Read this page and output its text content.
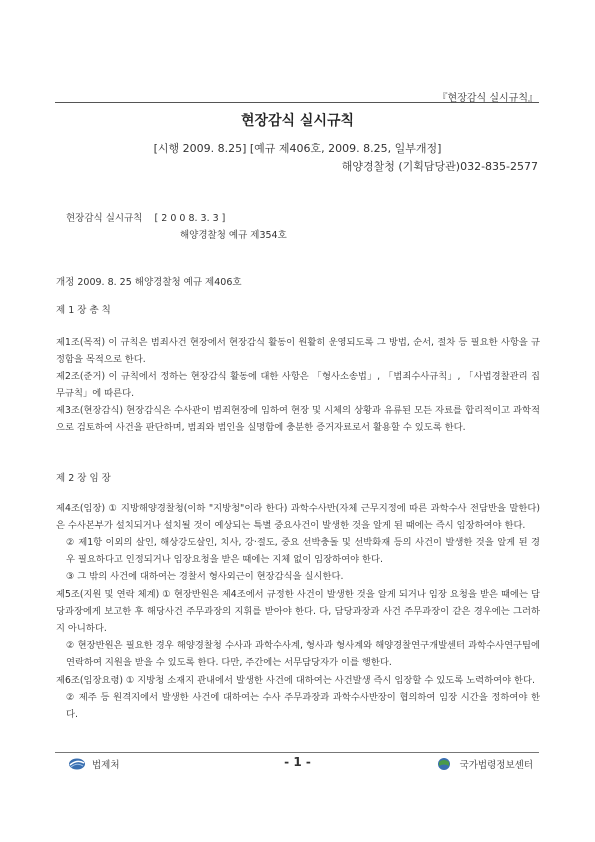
『현장감식 실시규칙』
현장감식 실시규칙
[시행 2009. 8.25] [예규 제406호, 2009. 8.25, 일부개정]
해양경찰청 (기획담당관)032-835-2577
현장감식 실시규칙 [ 2 0 0 8. 3. 3 ]
해양경찰청 예규 제354호
개정 2009. 8. 25 해양경찰청 예규 제406호
제 1 장 총 칙

제1조(목적) 이 규칙은 범죄사건 현장에서 현장감식 활동이 원활히 운영되도록 그 방법, 순서, 절차 등 필요한 사항을 규정함을 목적으로 한다.

제2조(준거) 이 규칙에서 정하는 현장감식 활동에 대한 사항은 「형사소송법」, 「범죄수사규칙」, 「사법경찰관리 집무규칙」에 따른다.

제3조(현장감식) 현장감식은 수사관이 범죄현장에 임하여 현장 및 시체의 상황과 유류된 모든 자료를 합리적이고 과학적으로 검토하여 사건을 판단하며, 범죄와 범인을 실명함에 충분한 증거자료로서 활용할 수 있도록 한다.

제 2 장 임 장

제4조(임장) ① 지방해양경찰청(이하 "지방청"이라 한다) 과학수사반(자체 근무지정에 따른 과학수사 전담반을 말한다)은 수사본부가 설치되거나 설치될 것이 예상되는 특별 중요사건이 발생한 것을 알게 된 때에는 즉시 임장하여야 한다.

② 제1항 이외의 살인, 해상강도살인, 치사, 강·절도, 중요 선박충돌 및 선박화재 등의 사건이 발생한 것을 알게 된 경우 필요하다고 인정되거나 임장요청을 받은 때에는 지체 없이 임장하여야 한다.

③ 그 밖의 사건에 대하여는 경찰서 형사외근이 현장감식을 실시한다.

제5조(지원 및 연락 체계) ① 현장반원은 제4조에서 규정한 사건이 발생한 것을 알게 되거나 임장 요청을 받은 때에는 담당과장에게 보고한 후 해당사건 주무과장의 지휘를 받아야 한다. 다, 담당과장과 사건 주무과장이 같은 경우에는 그러하지 아니하다.

② 현장반원은 필요한 경우 해양경찰청 수사과 과학수사계, 형사과 형사계와 해양경찰연구개발센터 과학수사연구팀에 연락하여 지원을 받을 수 있도록 한다. 다만, 주간에는 서무담당자가 이를 행한다.

제6조(임장요령) ① 지방청 소재지 관내에서 발생한 사건에 대하여는 사건발생 즉시 임장할 수 있도록 노력하여야 한다.

② 제주 등 원격지에서 발생한 사건에 대하여는 수사 주무과장과 과학수사반장이 협의하여 임장 시간을 정하여야 한다.

법제처	- 1 -	국가법령정보센터
